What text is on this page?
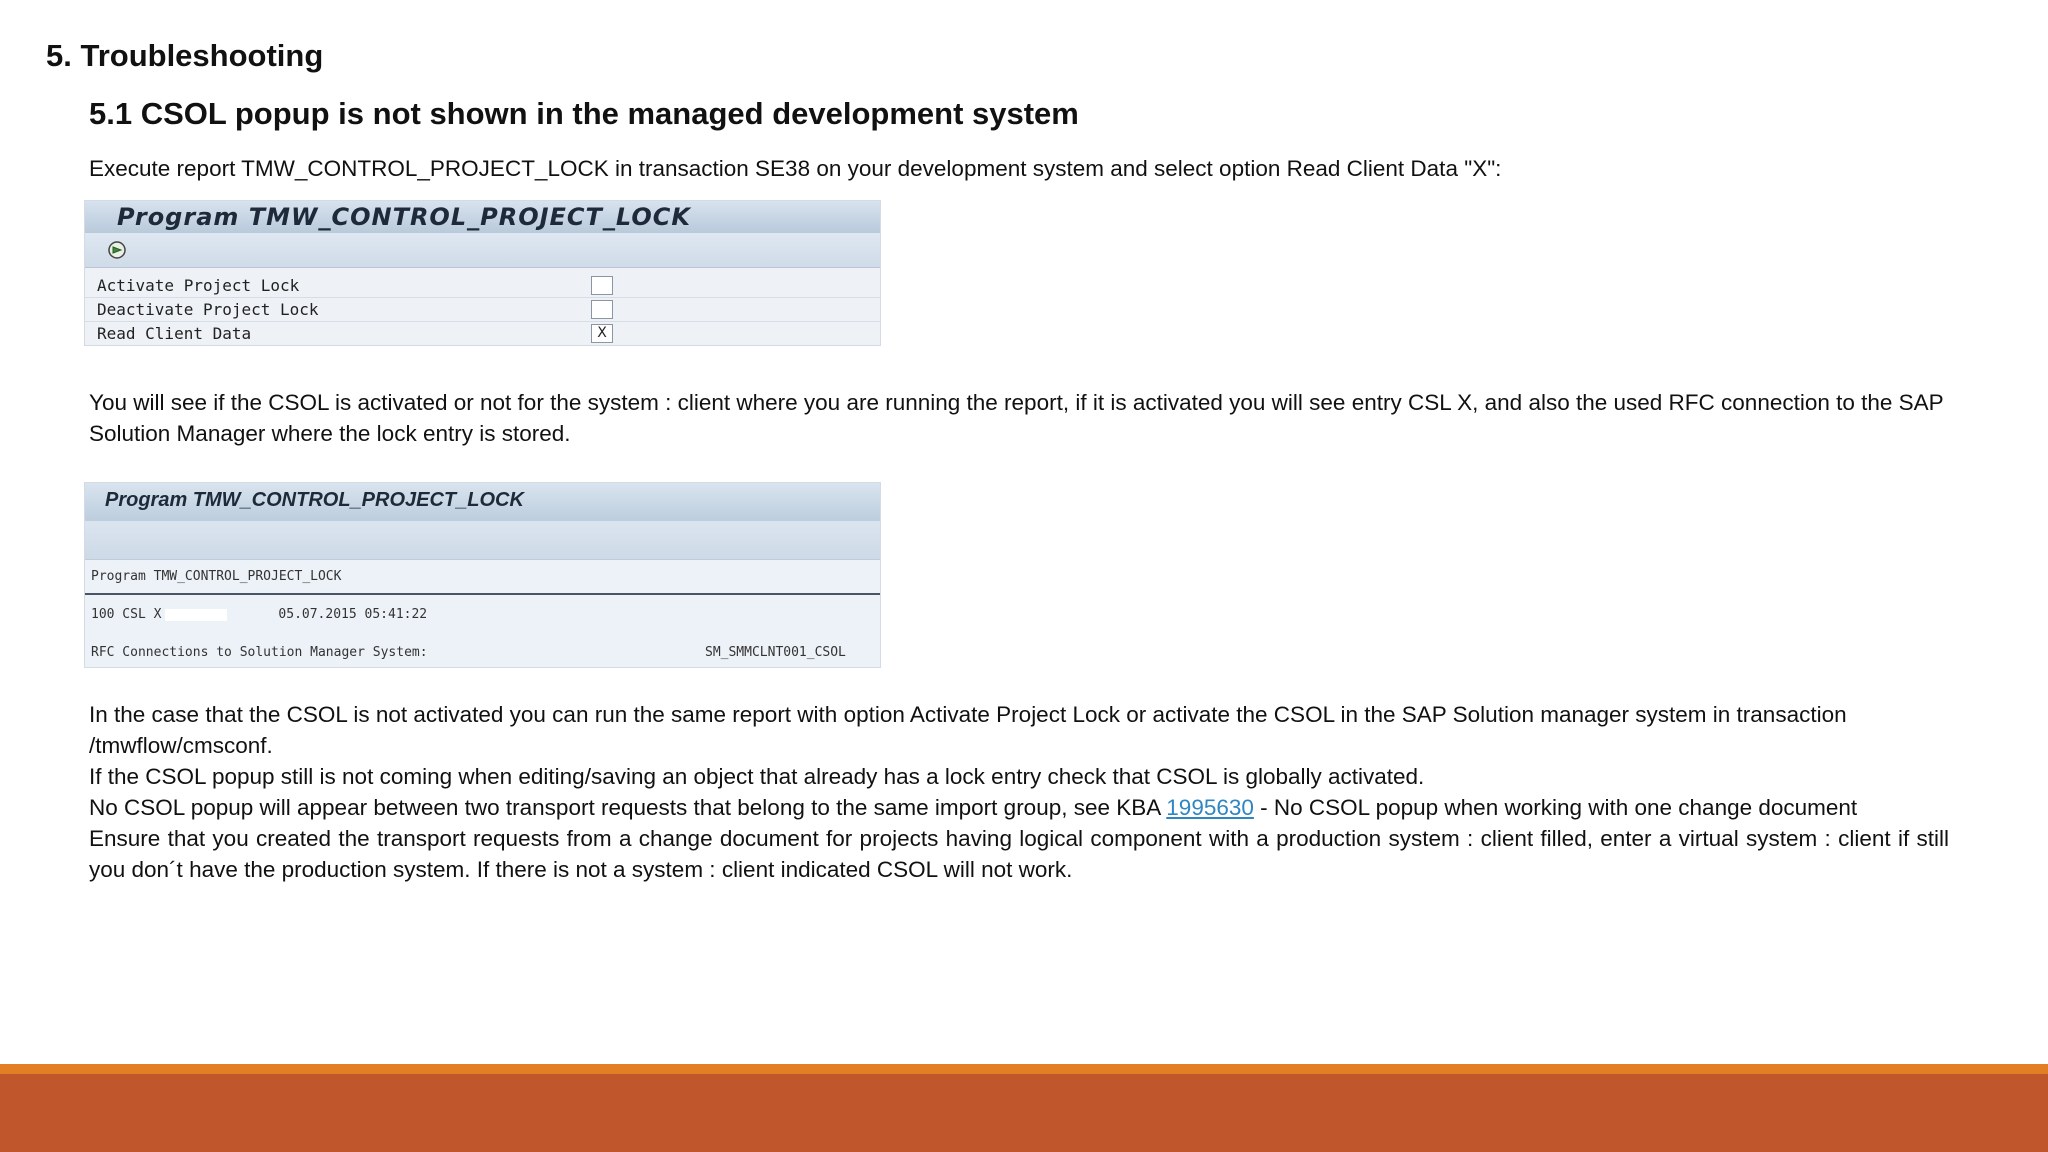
5. Troubleshooting
5.1 CSOL popup is not shown in the managed development system

Execute report TMW_CONTROL_PROJECT_LOCK in transaction SE38 on your development system and select option Read Client Data "X":

Program TMW_CONTROL_PROJECT_LOCK
Activate Project Lock
Deactivate Project Lock
Read Client Data	X

You will see if the CSOL is activated or not for the system : client where you are running the report, if it is activated you will see entry CSL X, and also the used RFC connection to the SAP Solution Manager where the lock entry is stored.

Program TMW_CONTROL_PROJECT_LOCK
Program TMW_CONTROL_PROJECT_LOCK
100 CSL X	05.07.2015 05:41:22
RFC Connections to Solution Manager System:	SM_SMMCLNT001_CSOL
In the case that the CSOL is not activated you can run the same report with option Activate Project Lock or activate the CSOL in the SAP Solution manager system in transaction /tmwflow/cmsconf.
If the CSOL popup still is not coming when editing/saving an object that already has a lock entry check that CSOL is globally activated.
No CSOL popup will appear between two transport requests that belong to the same import group, see KBA 1995630 - No CSOL popup when working with one change document
Ensure that you created the transport requests from a change document for projects having logical component with a production system : client filled, enter a virtual system : client if still you don´t have the production system. If there is not a system : client indicated CSOL will not work.
